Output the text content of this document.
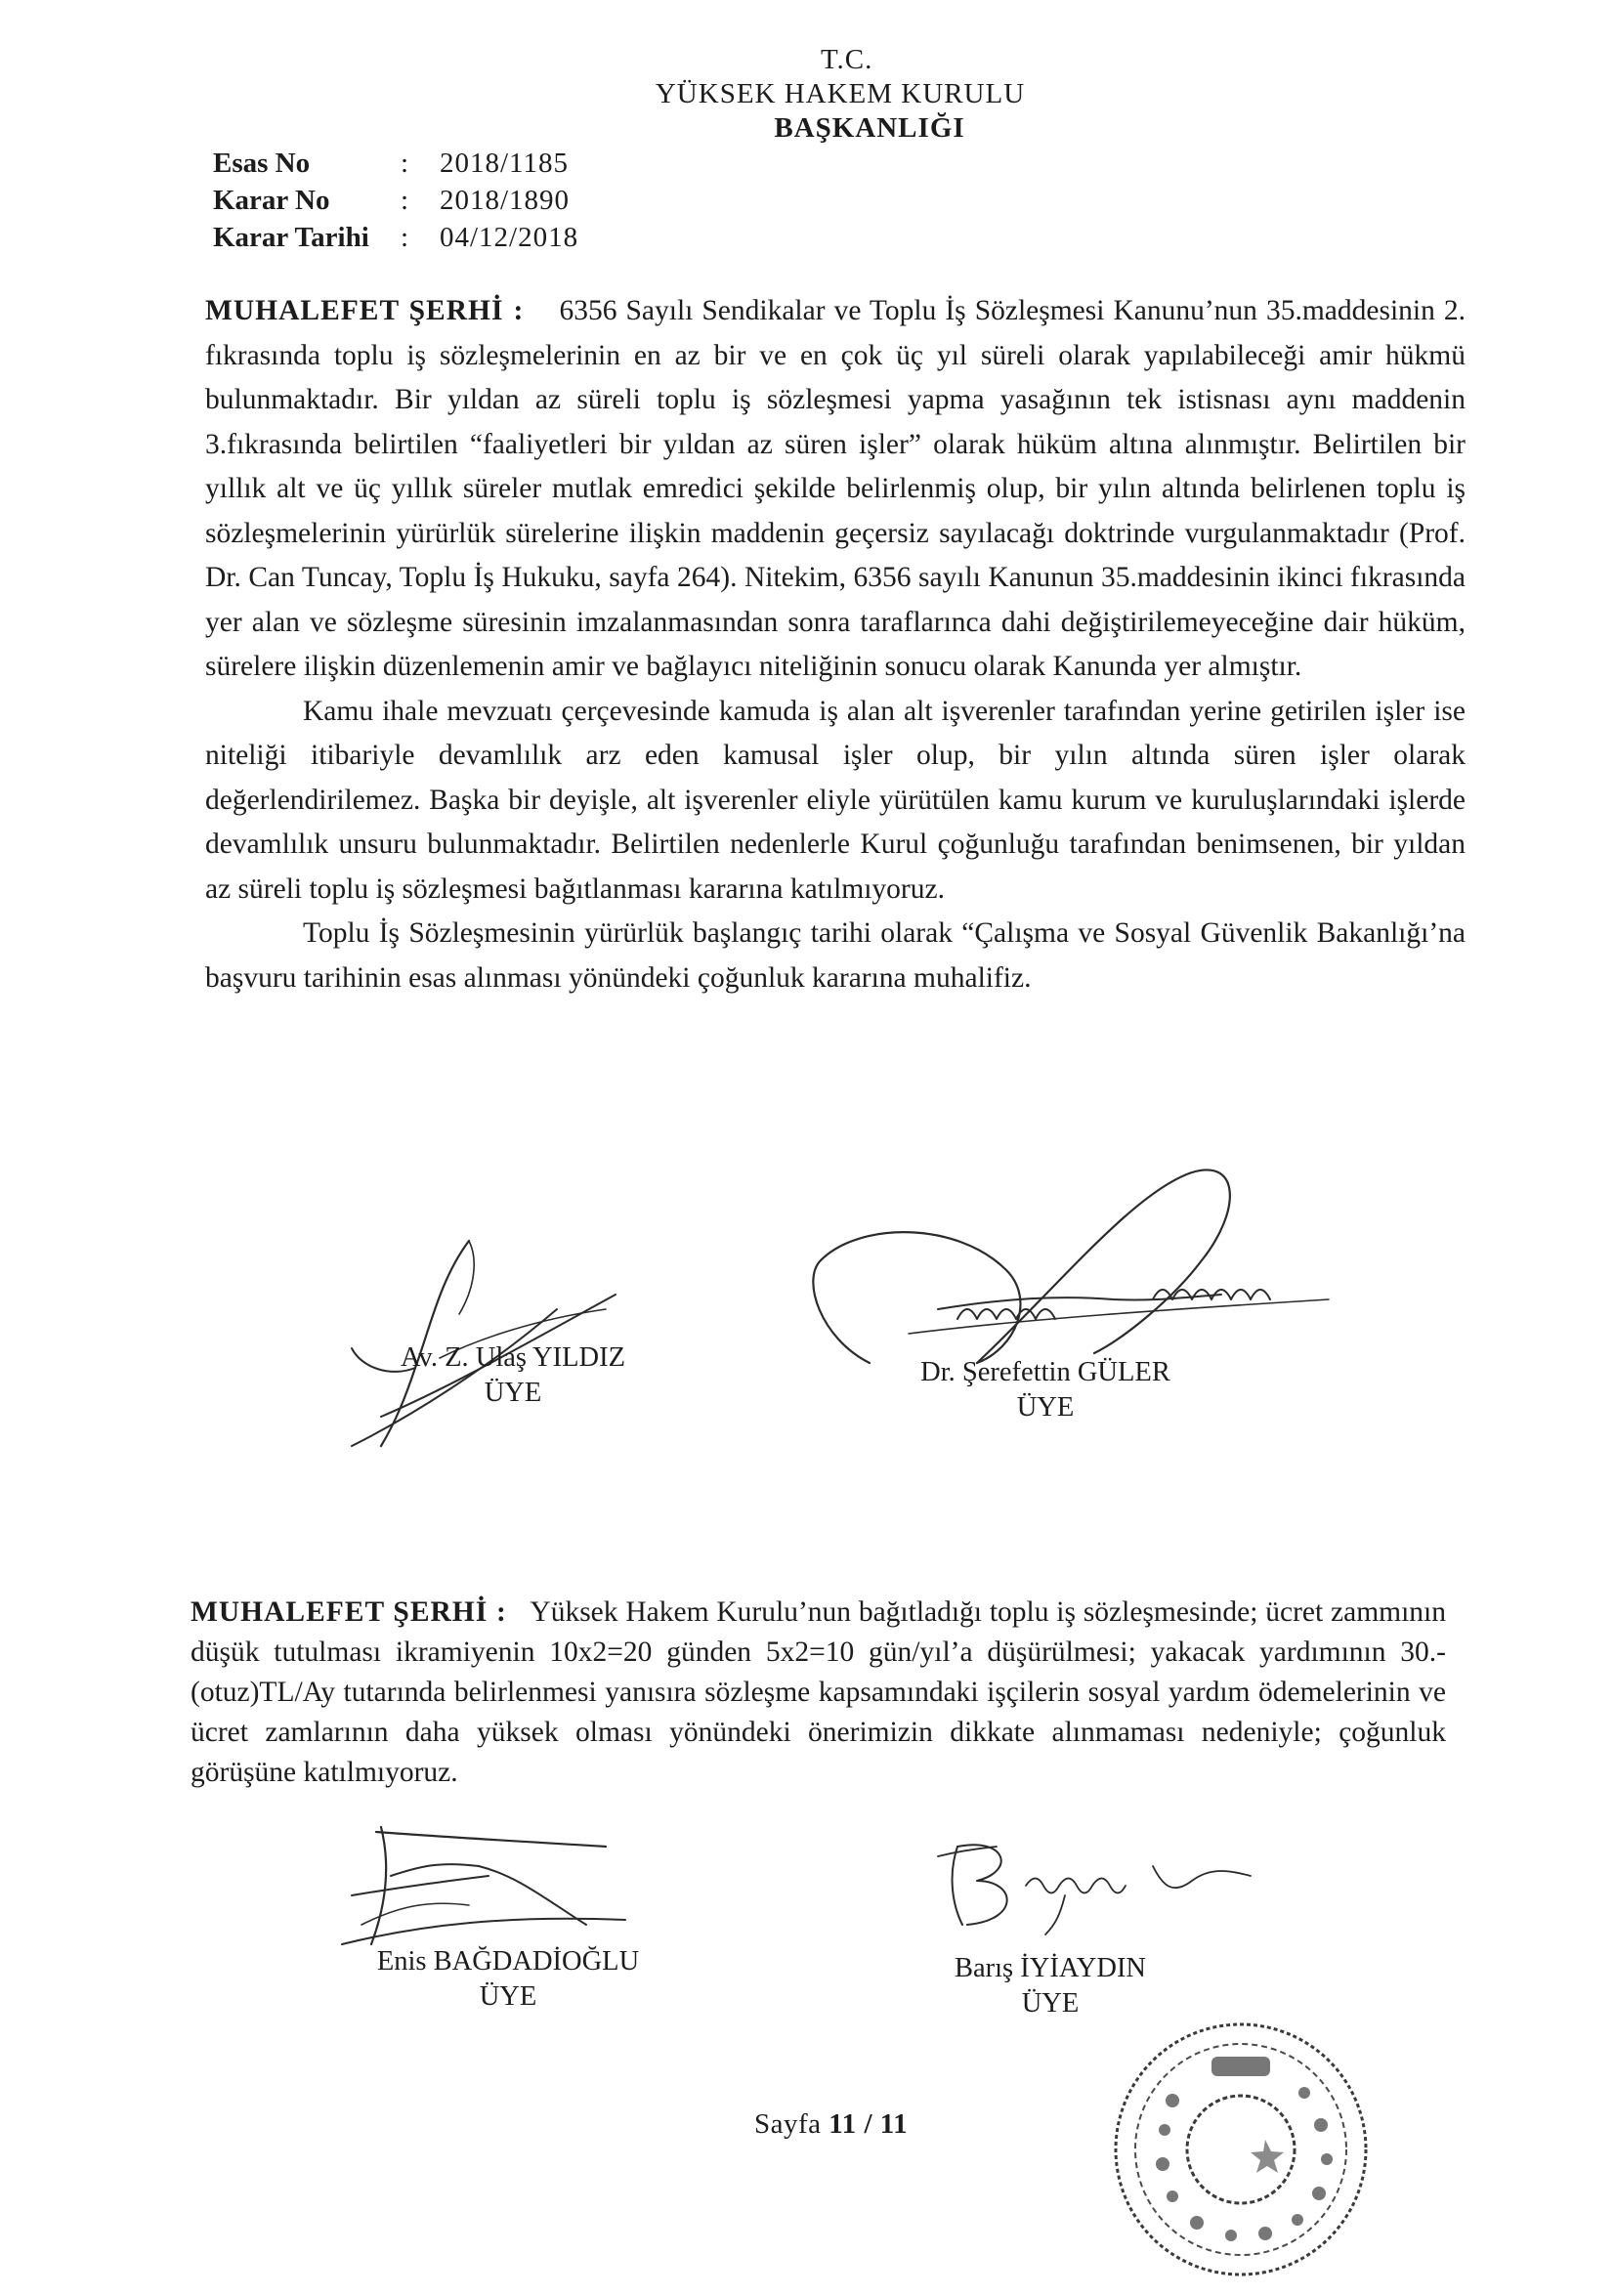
T.C.
YÜKSEK HAKEM KURULU
BAŞKANLIĞI
Esas No	: 2018/1185
Karar No	: 2018/1890
Karar Tarihi : 04/12/2018
MUHALEFET ŞERHİ : 6356 Sayılı Sendikalar ve Toplu İş Sözleşmesi Kanunu’nun 35.maddesinin 2. fıkrasında toplu iş sözleşmelerinin en az bir ve en çok üç yıl süreli olarak yapılabileceği amir hükmü bulunmaktadır. Bir yıldan az süreli toplu iş sözleşmesi yapma yasağının tek istisnası aynı maddenin 3.fıkrasında belirtilen “faaliyetleri bir yıldan az süren işler” olarak hüküm altına alınmıştır. Belirtilen bir yıllık alt ve üç yıllık süreler mutlak emredici şekilde belirlenmiş olup, bir yılın altında belirlenen toplu iş sözleşmelerinin yürürlük sürelerine ilişkin maddenin geçersiz sayılacağı doktrinde vurgulanmaktadır (Prof. Dr. Can Tuncay, Toplu İş Hukuku, sayfa 264). Nitekim, 6356 sayılı Kanunun 35.maddesinin ikinci fıkrasında yer alan ve sözleşme süresinin imzalanmasından sonra taraflarınca dahi değiştirilemeyeceğine dair hüküm, sürelere ilişkin düzenlemenin amir ve bağlayıcı niteliğinin sonucu olarak Kanunda yer almıştır.
Kamu ihale mevzuatı çerçevesinde kamuda iş alan alt işverenler tarafından yerine getirilen işler ise niteliği itibariyle devamlılık arz eden kamusal işler olup, bir yılın altında süren işler olarak değerlendirilemez. Başka bir deyişle, alt işverenler eliyle yürütülen kamu kurum ve kuruluşlarındaki işlerde devamlılık unsuru bulunmaktadır. Belirtilen nedenlerle Kurul çoğunluğu tarafından benimsenen, bir yıldan az süreli toplu iş sözleşmesi bağıtlanması kararına katılmıyoruz.
Toplu İş Sözleşmesinin yürürlük başlangıç tarihi olarak “Çalışma ve Sosyal Güvenlik Bakanlığı’na başvuru tarihinin esas alınması yönündeki çoğunluk kararına muhalifiz.
Av. Z. Ulaş YILDIZ
ÜYE
Dr. Şerefettin GÜLER
ÜYE
MUHALEFET ŞERHİ : Yüksek Hakem Kurulu’nun bağıtladığı toplu iş sözleşmesinde; ücret zammının düşük tutulması ikramiyenin 10x2=20 günden 5x2=10 gün/yıl’a düşürülmesi; yakacak yardımının 30.-(otuz)TL/Ay tutarında belirlenmesi yanısıra sözleşme kapsamındaki işçilerin sosyal yardım ödemelerinin ve ücret zamlarının daha yüksek olması yönündeki önerimizin dikkate alınmaması nedeniyle; çoğunluk görüşüne katılmıyoruz.
Enis BAĞDADİOĞLU
ÜYE
Barış İYİAYDIN
ÜYE
Sayfa 11 / 11
